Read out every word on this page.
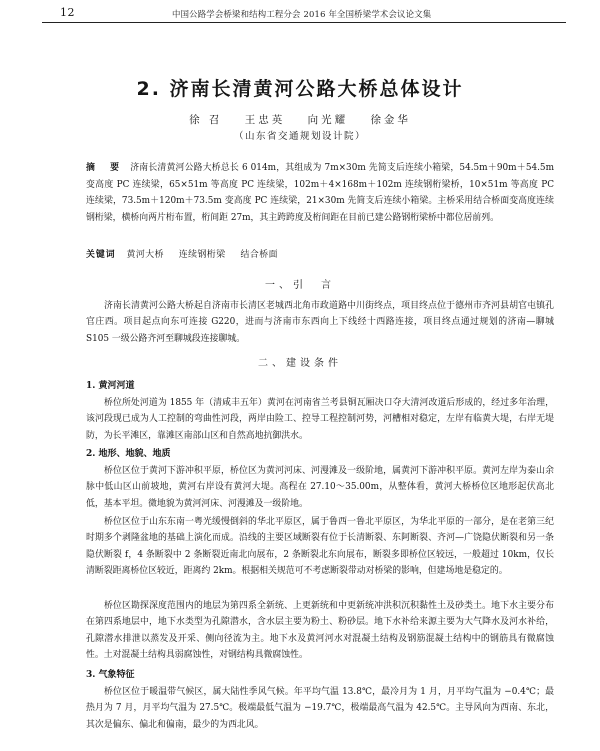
12	中国公路学会桥梁和结构工程分会 2016 年全国桥梁学术会议论文集
2. 济南长清黄河公路大桥总体设计
徐 召 王忠英 向光耀 徐金华
（山东省交通规划设计院）
摘　要 济南长清黄河公路大桥总长 6 014m，其组成为 7m×30m 先简支后连续小箱梁，54.5m＋90m＋54.5m 变高度 PC 连续梁，65×51m 等高度 PC 连续梁，102m＋4×168m＋102m 连续钢桁梁桥，10×51m 等高度 PC 连续梁，73.5m＋120m＋73.5m 变高度 PC 连续梁，21×30m 先简支后连续小箱梁。主桥采用结合桥面变高度连续钢桁梁，横桥向两片桁布置，桁间距 27m，其主跨跨度及桁间距在目前已建公路钢桁梁桥中都位居前列。
关键词 黄河大桥 连续钢桁梁 结合桥面
一、引　言
济南长清黄河公路大桥起自济南市长清区老城西北角市政道路中川街终点，项目终点位于德州市齐河县胡官屯镇孔官庄西。项目起点向东可连接 G220，进而与济南市东西向上下线经十西路连接，项目终点通过规划的济南—聊城 S105 一级公路齐河至聊城段连接聊城。
二、建设条件
1. 黄河河道
桥位所处河道为 1855 年（清咸丰五年）黄河在河南省兰考县铜瓦厢决口夺大清河改道后形成的，经过多年治理，该河段现已成为人工控制的弯曲性河段，两岸由险工、控导工程控制河势，河槽相对稳定，左岸有临黄大堤，右岸无堤防，为长平滩区，靠滩区南部山区和自然高地抗御洪水。
2. 地形、地貌、地质
桥位区位于黄河下游冲积平原，桥位区为黄河河床、河漫滩及一级阶地，属黄河下游冲积平原。黄河左岸为泰山余脉中低山区山前坡地，黄河右岸设有黄河大堤。高程在 27.10～35.00m，从整体看，黄河大桥桥位区地形起伏高北低，基本平坦。微地貌为黄河河床、河漫滩及一级阶地。
桥位区位于山东东南一粤光缓慢倒斜的华北平原区，属于鲁西一鲁北平原区，为华北平原的一部分，是在老第三纪时期多个剥隆盆地的基础上演化而成。沿线的主要区域断裂有位于长清断裂、东阿断裂、齐河—广饶隐伏断裂和另一条隐伏断裂 f，4 条断裂中 2 条断裂近南北向展布，2 条断裂北东向展布，断裂多即桥位区较远，一般超过 10km，仅长清断裂距离桥位区较近，距离约 2km。根据相关规范可不考虑断裂带动对桥梁的影响，但建场地是稳定的。
桥位区勘探深度范围内的地层为第四系全新统、上更新统和中更新统冲洪积沉积黏性土及砂类土。地下水主要分布在第四系地层中，地下水类型为孔隙潜水，含水层主要为粉土、粉砂层。地下水补给来源主要为大气降水及河水补给，孔隙潜水排泄以蒸发及开采、侧向径流为主。地下水及黄河河水对混凝土结构及钢筋混凝土结构中的钢筋具有微腐蚀性。土对混凝土结构具弱腐蚀性，对钢结构具微腐蚀性。
3. 气象特征
桥位区位于暖温带气候区，属大陆性季风气候。年平均气温 13.8℃，最冷月为 1 月，月平均气温为 −0.4℃；最热月为 7 月，月平均气温为 27.5℃。极端最低气温为 −19.7℃，极端最高气温为 42.5℃。主导风向为西南、东北，其次是偏东、偏北和偏南，最少的为西北风。
